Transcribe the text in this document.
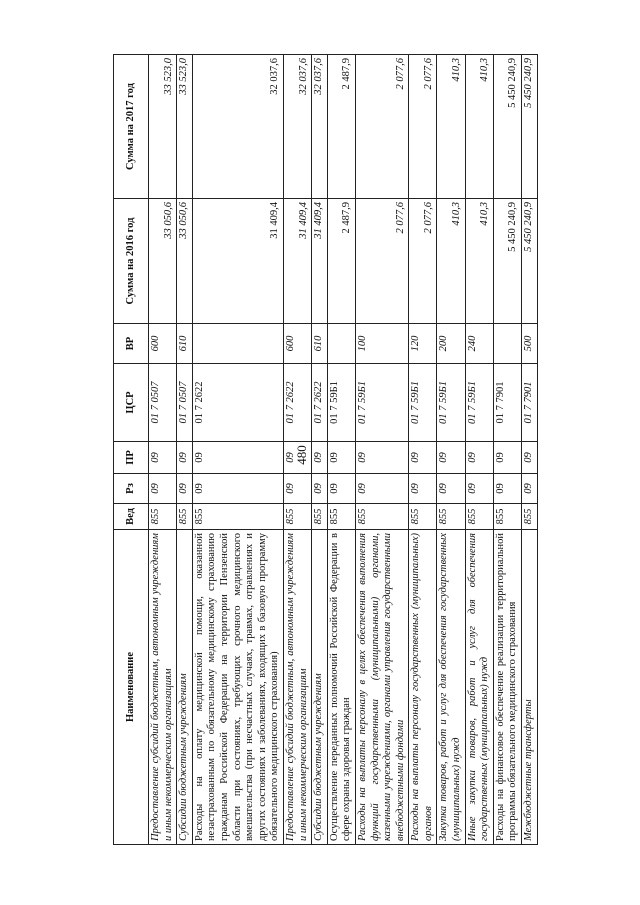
480
Наименование	Вед	Рз	ПР	ЦСР	ВР	Сумма на 2016 год	Сумма на 2017 год
Предоставление субсидий бюджетным, автономным учреждениям и иным некоммерческим организациям	855	09	09	01 7 0507	600	33 050,6	33 523,0
Субсидии бюджетным учреждениям	855	09	09	01 7 0507	610	33 050,6	33 523,0
Расходы на оплату медицинской помощи, оказанной незастрахованным по обязательному медицинскому страхованию гражданам Российской Федерации на территории Пензенской области при состояниях, требующих срочного медицинского вмешательства (при несчастных случаях, травмах, отравлениях и других состояниях и заболеваниях, входящих в базовую программу обязательного медицинского страхования)	855	09	09	01 7 2622		31 409,4	32 037,6
Предоставление субсидий бюджетным, автономным учреждениям и иным некоммерческим организациям	855	09	09	01 7 2622	600	31 409,4	32 037,6
Субсидии бюджетным учреждениям	855	09	09	01 7 2622	610	31 409,4	32 037,6
Осуществление переданных полномочий Российской Федерации в сфере охраны здоровья граждан	855	09	09	01 7 59Б1		2 487,9	2 487,9
Расходы на выплаты персоналу в целях обеспечения выполнения функций государственными (муниципальными) органами, казенными учреждениями, органами управления государственными внебюджетными фондами	855	09	09	01 7 59Б1	100	2 077,6	2 077,6
Расходы на выплаты персоналу государственных (муниципальных) органов	855	09	09	01 7 59Б1	120	2 077,6	2 077,6
Закупка товаров, работ и услуг для обеспечения государственных (муниципальных) нужд	855	09	09	01 7 59Б1	200	410,3	410,3
Иные закупки товаров, работ и услуг для обеспечения государственных (муниципальных) нужд	855	09	09	01 7 59Б1	240	410,3	410,3
Расходы на финансовое обеспечение реализации территориальной программы обязательного медицинского страхования	855	09	09	01 7 7901		5 450 240,9	5 450 240,9
Межбюджетные трансферты	855	09	09	01 7 7901	500	5 450 240,9	5 450 240,9
